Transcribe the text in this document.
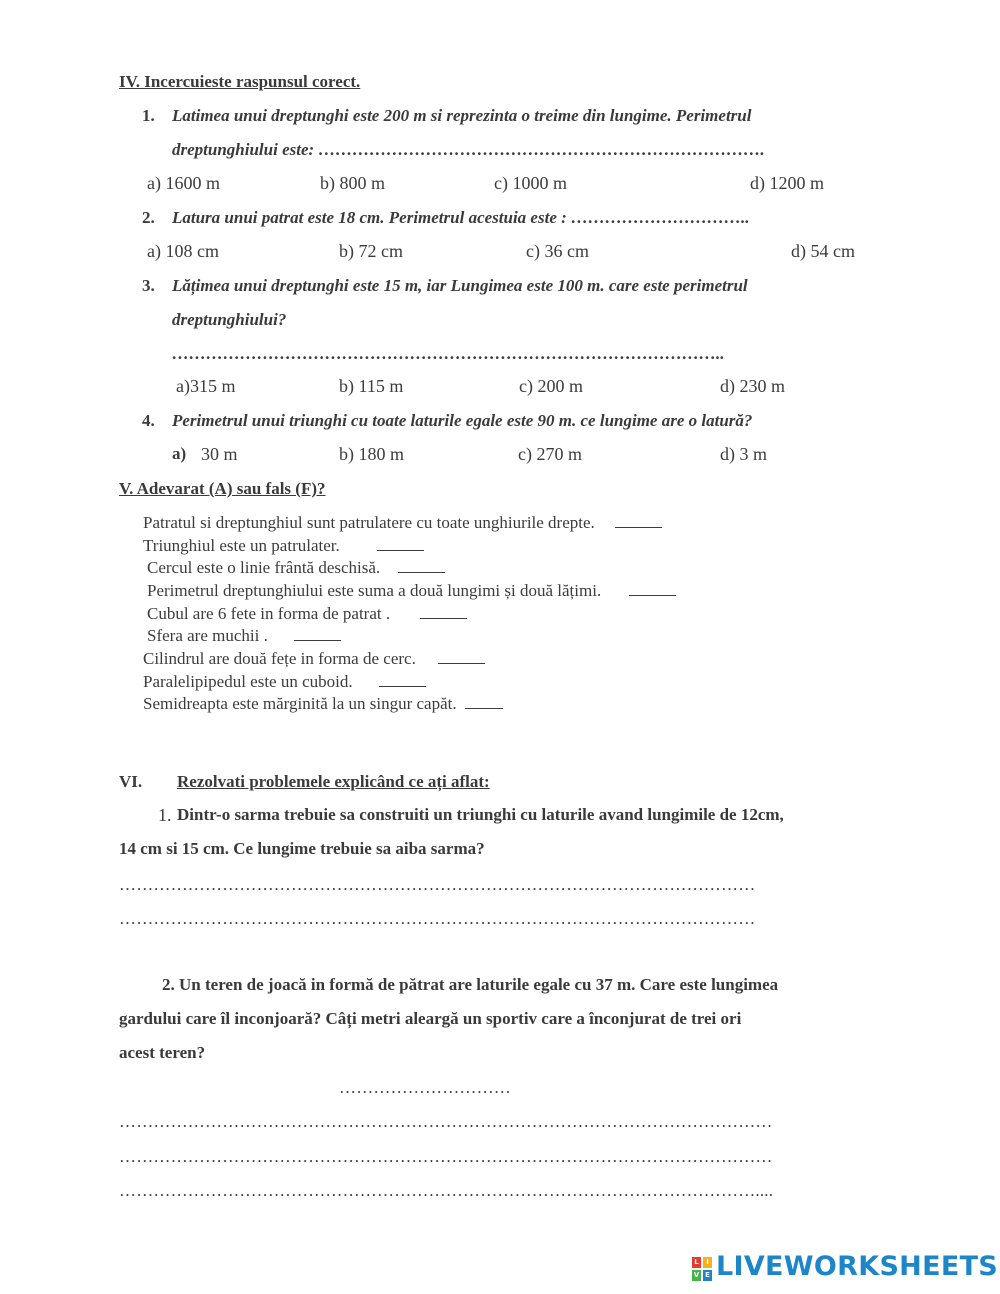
IV. Incercuieste raspunsul corect.
1. Latimea unui dreptunghi este 200 m si reprezinta o treime din lungime. Perimetrul
dreptunghiului este: …………………………………………………………………….
a) 1600 m	b) 800 m	c) 1000 m	d) 1200 m
2. Latura unui patrat este 18 cm. Perimetrul acestuia este : …………………………..
a) 108 cm	b) 72 cm	c) 36 cm	d) 54 cm
3. Lățimea unui dreptunghi este 15 m, iar Lungimea este 100 m. care este perimetrul
dreptunghiului?
……………………………………………………………………………………..
a)315 m	b) 115 m	c) 200 m	d) 230 m
4. Perimetrul unui triunghi cu toate laturile egale este 90 m. ce lungime are o latură?
a) 30 m	b) 180 m	c) 270 m	d) 3 m
V. Adevarat (A) sau fals (F)?
Patratul si dreptunghiul sunt patrulatere cu toate unghiurile drepte.
Triunghiul este un patrulater.
Cercul este o linie frântă deschisă.
Perimetrul dreptunghiului este suma a două lungimi și două lățimi.
Cubul are 6 fete in forma de patrat .
Sfera are muchii .
Cilindrul are două fețe in forma de cerc.
Paralelipipedul este un cuboid.
Semidreapta este mărginită la un singur capăt.
VI. Rezolvati problemele explicând ce ați aflat:
1. Dintr-o sarma trebuie sa construiti un triunghi cu laturile avand lungimile de 12cm,
14 cm si 15 cm. Ce lungime trebuie sa aiba sarma?
…………………………………………………………………………………………………
…………………………………………………………………………………………………
2. Un teren de joacă in formă de pătrat are laturile egale cu 37 m. Care este lungimea
gardului care îl inconjoară? Câți metri aleargă un sportiv care a înconjurat de trei ori
acest teren?
…………………………
……………………………………………………………………………………………………
……………………………………………………………………………………………………
…………………………………………………………………………………………………....
L	I
V E LIVEWORKSHEETS
